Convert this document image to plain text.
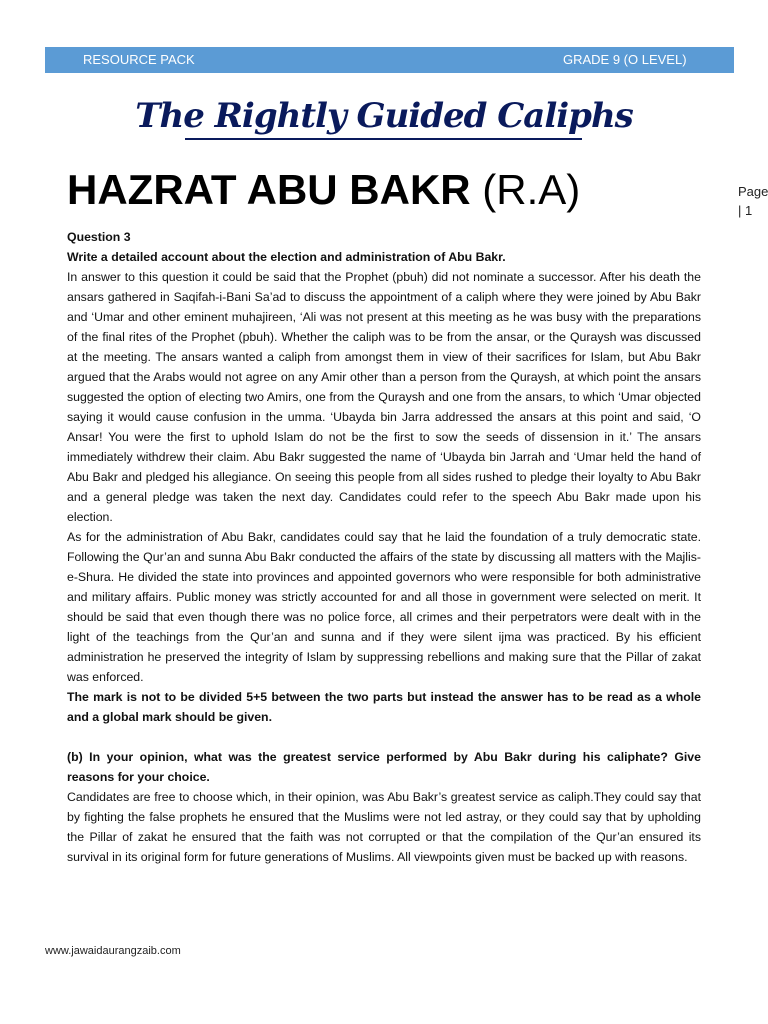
RESOURCE PACK	GRADE 9 (O LEVEL)
The Rightly Guided Caliphs
HAZRAT ABU BAKR (R.A)	Page
| 1

Question 3

Write a detailed account about the election and administration of Abu Bakr.

In answer to this question it could be said that the Prophet (pbuh) did not nominate a successor. After his death the ansars gathered in Saqifah-i-Bani Sa’ad to discuss the appointment of a caliph where they were joined by Abu Bakr and ‘Umar and other eminent muhajireen, ‘Ali was not present at this meeting as he was busy with the preparations of the final rites of the Prophet (pbuh). Whether the caliph was to be from the ansar, or the Quraysh was discussed at the meeting. The ansars wanted a caliph from amongst them in view of their sacrifices for Islam, but Abu Bakr argued that the Arabs would not agree on any Amir other than a person from the Quraysh, at which point the ansars suggested the option of electing two Amirs, one from the Quraysh and one from the ansars, to which ‘Umar objected saying it would cause confusion in the umma. ‘Ubayda bin Jarra addressed the ansars at this point and said, ‘O Ansar! You were the first to uphold Islam do not be the first to sow the seeds of dissension in it.’ The ansars immediately withdrew their claim. Abu Bakr suggested the name of ‘Ubayda bin Jarrah and ‘Umar held the hand of Abu Bakr and pledged his allegiance. On seeing this people from all sides rushed to pledge their loyalty to Abu Bakr and a general pledge was taken the next day. Candidates could refer to the speech Abu Bakr made upon his election.

As for the administration of Abu Bakr, candidates could say that he laid the foundation of a truly democratic state. Following the Qur’an and sunna Abu Bakr conducted the affairs of the state by discussing all matters with the Majlis-e-Shura. He divided the state into provinces and appointed governors who were responsible for both administrative and military affairs. Public money was strictly accounted for and all those in government were selected on merit. It should be said that even though there was no police force, all crimes and their perpetrators were dealt with in the light of the teachings from the Qur’an and sunna and if they were silent ijma was practiced. By his efficient administration he preserved the integrity of Islam by suppressing rebellions and making sure that the Pillar of zakat was enforced.

The mark is not to be divided 5+5 between the two parts but instead the answer has to be read as a whole and a global mark should be given.

(b) In your opinion, what was the greatest service performed by Abu Bakr during his caliphate? Give reasons for your choice.

Candidates are free to choose which, in their opinion, was Abu Bakr’s greatest service as caliph.They could say that by fighting the false prophets he ensured that the Muslims were not led astray, or they could say that by upholding the Pillar of zakat he ensured that the faith was not corrupted or that the compilation of the Qur’an ensured its survival in its original form for future generations of Muslims. All viewpoints given must be backed up with reasons.

www.jawaidaurangzaib.com
